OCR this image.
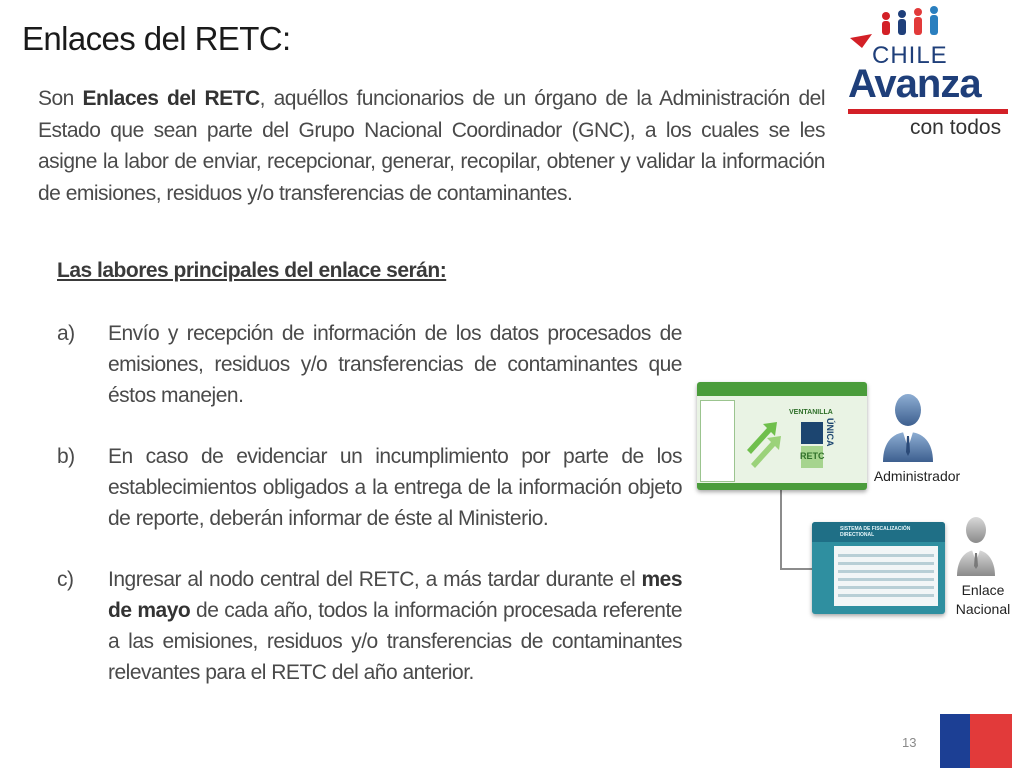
Enlaces del RETC:
Son Enlaces del RETC, aquéllos funcionarios de un órgano de la Administración del Estado que sean parte del Grupo Nacional Coordinador (GNC), a los cuales se les asigne la labor de enviar, recepcionar, generar, recopilar, obtener y validar la información de emisiones, residuos y/o transferencias de contaminantes.
Las labores principales del enlace serán:
a) Envío y recepción de información de los datos procesados de emisiones, residuos y/o transferencias de contaminantes que éstos manejen.
b) En caso de evidenciar un incumplimiento por parte de los establecimientos obligados a la entrega de la información objeto de reporte, deberán informar de éste al Ministerio.
c) Ingresar al nodo central del RETC, a más tardar durante el mes de mayo de cada año, todos la información procesada referente a las emisiones, residuos y/o transferencias de contaminantes relevantes para el RETC del año anterior.
CHILE
Avanza
con todos
VENTANILLA
ÚNICA
RETC
SISTEMA DE FISCALIZACIÓN DIRECTIONAL
Administrador
Enlace
Nacional
13
